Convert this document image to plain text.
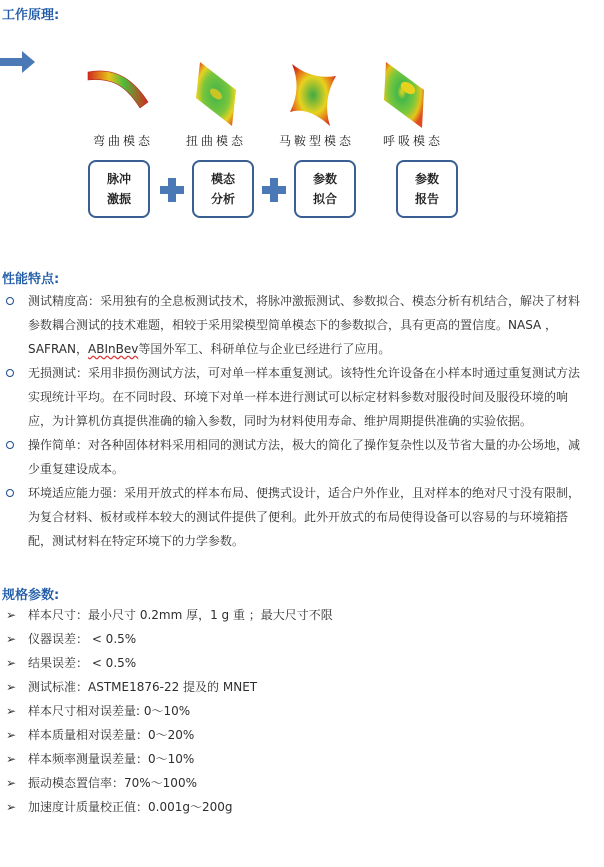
工作原理:
弯曲模态	扭曲模态	马鞍型模态 呼吸模态
脉冲
激振
模态
分析
参数
拟合
参数
报告
性能特点:
测试精度高：采用独有的全息板测试技术，将脉冲激振测试、参数拟合、模态分析有机结合，解决了材料参数耦合测试的技术难题，相较于采用梁模型简单模态下的参数拟合，具有更高的置信度。NASA ，SAFRAN，ABInBev等国外军工、科研单位与企业已经进行了应用。
无损测试：采用非损伤测试方法，可对单一样本重复测试。该特性允许设备在小样本时通过重复测试方法实现统计平均。在不同时段、环境下对单一样本进行测试可以标定材料参数对服役时间及服役环境的响应，为计算机仿真提供准确的输入参数，同时为材料使用寿命、维护周期提供准确的实验依据。
操作简单：对各种固体材料采用相同的测试方法，极大的简化了操作复杂性以及节省大量的办公场地，减少重复建设成本。
环境适应能力强：采用开放式的样本布局、便携式设计，适合户外作业，且对样本的绝对尺寸没有限制，为复合材料、板材或样本较大的测试件提供了便利。此外开放式的布局使得设备可以容易的与环境箱搭配，测试材料在特定环境下的力学参数。
规格参数:
➢ 样本尺寸：最小尺寸 0.2mm 厚，1 g 重 ；最大尺寸不限
➢ 仪器误差： < 0.5%
➢ 结果误差： < 0.5%
➢ 测试标准：ASTME1876-22 提及的 MNET
➢ 样本尺寸相对误差量: 0～10%
➢ 样本质量相对误差量：0～20%
➢ 样本频率测量误差量：0～10%
➢ 振动模态置信率：70%～100%
➢ 加速度计质量校正值：0.001g～200g
